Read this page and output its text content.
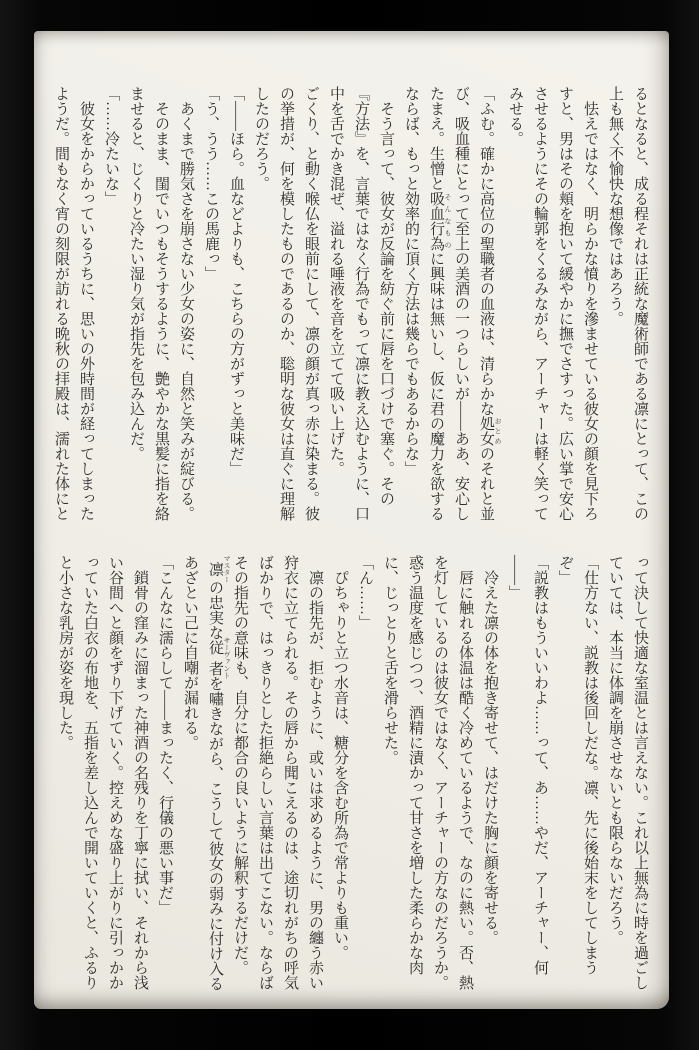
るとなると、成る程それは正統な魔術師である凛にとって、この上も無く不愉快な想像ではあろう。

怯えではなく、明らかな憤りを滲ませている彼女の顔を見下ろすと、男はその頬を抱いて緩やかに撫でさすった。広い掌で安心させるようにその輪郭をくるみながら、アーチャーは軽く笑ってみせる。

「ふむ。確かに高位の聖職者の血液は、清らかな処女 おとめのそれと並び、吸血種にとって至上の美酒の一つらしいが――ああ、安心したまえ。生憎と吸血行為 そんなものに興味は無いし、仮に君の魔力を欲するならば、もっと効率的に頂く方法は幾らでもあるからな」

そう言って、彼女が反論を紡ぐ前に唇を口づけで塞ぐ。その『方法』を、言葉ではなく行為でもって凛に教え込むように、口中を舌でかき混ぜ、溢れる唾液を音を立てて吸い上げた。

ごくり、と動く喉仏を眼前にして、凛の顔が真っ赤に染まる。彼の挙措が、何を模したものであるのか、聡明な彼女は直ぐに理解したのだろう。

「――ほら。血などよりも、こちらの方がずっと美味だ」

「う、うう……この馬鹿っ」

あくまで勝気さを崩さない少女の姿に、自然と笑みが綻びる。

そのまま、閨でいつもそうするように、艶やかな黒髪に指を絡ませると、じくりと冷たい湿り気が指先を包み込んだ。

「……冷たいな」

彼女をからかっているうちに、思いの外時間が経ってしまったようだ。間もなく宵の刻限が訪れる晩秋の拝殿は、濡れた体にと

って決して快適な室温とは言えない。これ以上無為に時を過ごしていては、本当に体調を崩させないとも限らないだろう。

「仕方ない、説教は後回しだな。凛、先に後始末をしてしまうぞ」

「説教はもういいわよ……って、あ……やだ、アーチャー、何――」

冷えた凛の体を抱き寄せて、はだけた胸に顔を寄せる。

唇に触れる体温は酷く冷めているようで、なのに熱い。否、熱を灯しているのは彼女ではなく、アーチャーの方なのだろうか。惑う温度を感じつつ、酒精に漬かって甘さを増した柔らかな肉に、じっとりと舌を滑らせた。

「ん……」

ぴちゃりと立つ水音は、糖分を含む所為で常よりも重い。

凛の指先が、拒むように、或いは求めるように、男の纏う赤い狩衣に立てられる。その唇から聞こえるのは、途切れがちの呼気ばかりで、はっきりとした拒絶らしい言葉は出てこない。ならばその指先の意味も、自分に都合の良いように解釈するだけだ。凛 マスターの忠実な従者 サーヴァントを嘯きながら、こうして彼女の弱みに付け入るあざとい己に自嘲が漏れる。

「こんなに濡らして――まったく、行儀の悪い事だ」

鎖骨の窪みに溜まった神酒の名残りを丁寧に拭い、それから浅い谷間へと顔をずり下げていく。控えめな盛り上がりに引っかかっていた白衣の布地を、五指を差し込んで開いていくと、ふるりと小さな乳房が姿を現した。
